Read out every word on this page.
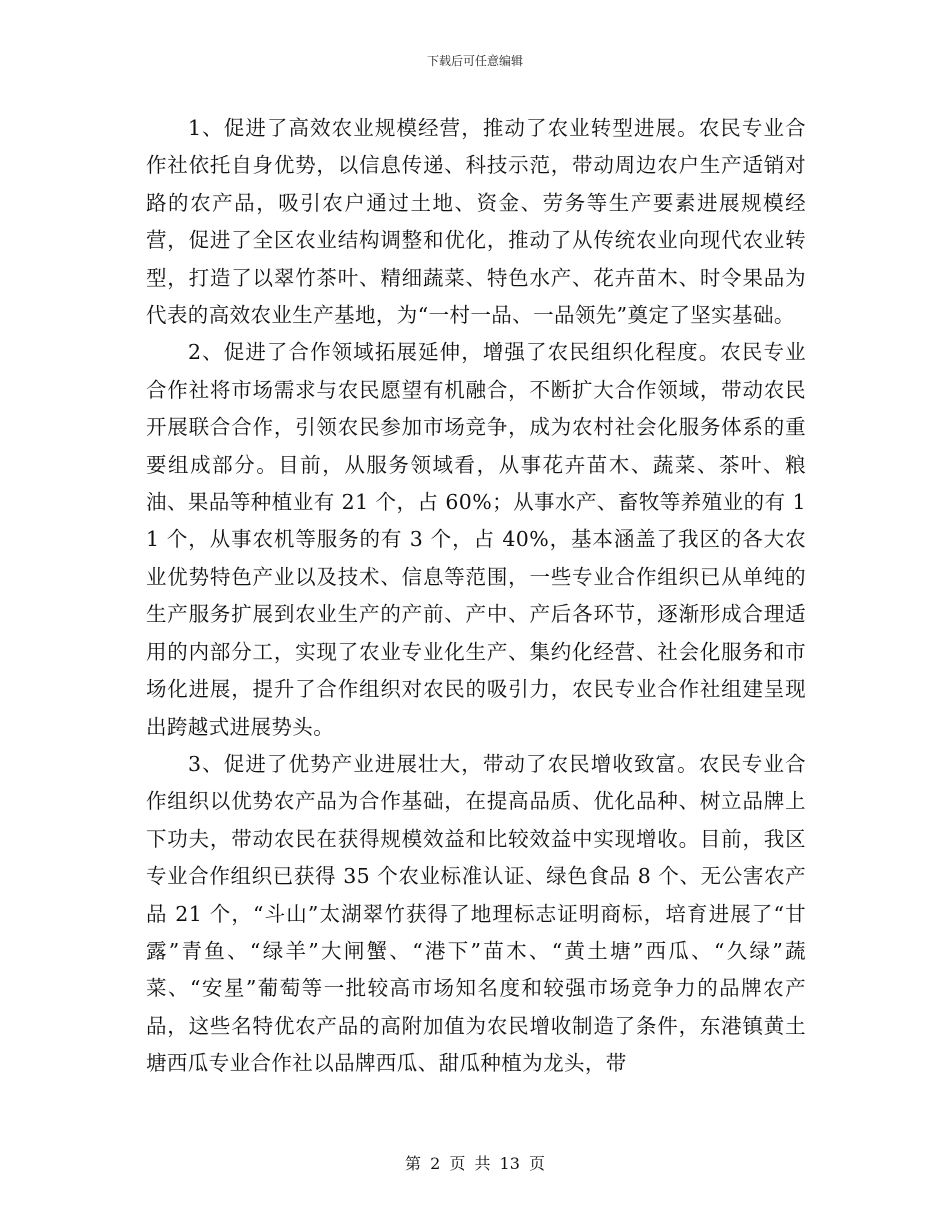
下载后可任意编辑

1、促进了高效农业规模经营，推动了农业转型进展。农民专业合作社依托自身优势，以信息传递、科技示范，带动周边农户生产适销对路的农产品，吸引农户通过土地、资金、劳务等生产要素进展规模经营，促进了全区农业结构调整和优化，推动了从传统农业向现代农业转型，打造了以翠竹茶叶、精细蔬菜、特色水产、花卉苗木、时令果品为代表的高效农业生产基地，为“一村一品、一品领先”奠定了坚实基础。

2、促进了合作领域拓展延伸，增强了农民组织化程度。农民专业合作社将市场需求与农民愿望有机融合，不断扩大合作领域，带动农民开展联合合作，引领农民参加市场竞争，成为农村社会化服务体系的重要组成部分。目前，从服务领域看，从事花卉苗木、蔬菜、茶叶、粮油、果品等种植业有 21 个，占 60%；从事水产、畜牧等养殖业的有 11 个，从事农机等服务的有 3 个，占 40%，基本涵盖了我区的各大农业优势特色产业以及技术、信息等范围，一些专业合作组织已从单纯的生产服务扩展到农业生产的产前、产中、产后各环节，逐渐形成合理适用的内部分工，实现了农业专业化生产、集约化经营、社会化服务和市场化进展，提升了合作组织对农民的吸引力，农民专业合作社组建呈现出跨越式进展势头。

3、促进了优势产业进展壮大，带动了农民增收致富。农民专业合作组织以优势农产品为合作基础，在提高品质、优化品种、树立品牌上下功夫，带动农民在获得规模效益和比较效益中实现增收。目前，我区专业合作组织已获得 35 个农业标准认证、绿色食品 8 个、无公害农产品 21 个，“斗山”太湖翠竹获得了地理标志证明商标，培育进展了“甘露”青鱼、“绿羊”大闸蟹、“港下”苗木、“黄土塘”西瓜、“久绿”蔬菜、“安星”葡萄等一批较高市场知名度和较强市场竞争力的品牌农产品，这些名特优农产品的高附加值为农民增收制造了条件，东港镇黄土塘西瓜专业合作社以品牌西瓜、甜瓜种植为龙头，带

第 2 页 共 13 页
